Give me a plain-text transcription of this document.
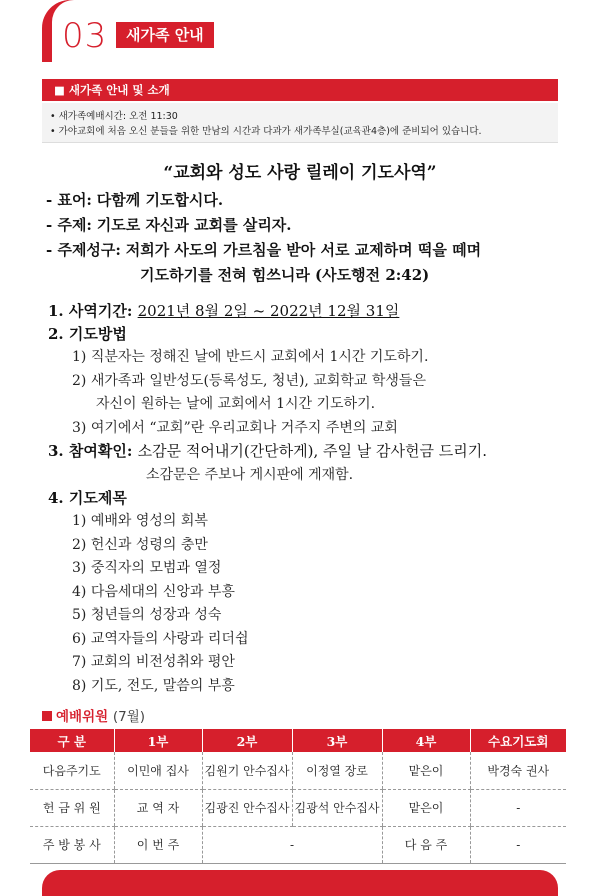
03	새가족 안내
■ 새가족 안내 및 소개
• 새가족예배시간: 오전 11:30
• 가야교회에 처음 오신 분들을 위한 만남의 시간과 다과가 새가족부실(교육관4층)에 준비되어 있습니다.
“교회와 성도 사랑 릴레이 기도사역”
- 표어: 다함께 기도합시다.
- 주제: 기도로 자신과 교회를 살리자.
- 주제성구: 저희가 사도의 가르침을 받아 서로 교제하며 떡을 떼며
기도하기를 전혀 힘쓰니라 (사도행전 2:42)
1. 사역기간: 2021년 8월 2일 ~ 2022년 12월 31일
2. 기도방법
1) 직분자는 정해진 날에 반드시 교회에서 1시간 기도하기.
2) 새가족과 일반성도(등록성도, 청년), 교회학교 학생들은
자신이 원하는 날에 교회에서 1시간 기도하기.
3) 여기에서 “교회”란 우리교회나 거주지 주변의 교회
3. 참여확인: 소감문 적어내기(간단하게), 주일 날 감사헌금 드리기.
소감문은 주보나 게시판에 게재함.
4. 기도제목
1) 예배와 영성의 회복
2) 헌신과 성령의 충만
3) 중직자의 모범과 열정
4) 다음세대의 신앙과 부흥
5) 청년들의 성장과 성숙
6) 교역자들의 사랑과 리더쉽
7) 교회의 비전성취와 평안
8) 기도, 전도, 말씀의 부흥
예배위원 (7월)
구 분	1부	2부	3부	4부	수요기도회
다음주기도	이민애 집사	김원기 안수집사	이정열 장로	맡은이	박경숙 권사
헌 금 위 원	교 역 자	김광진 안수집사	김광석 안수집사	맡은이	-
주 방 봉 사	이 번 주	-		다 음 주	-
